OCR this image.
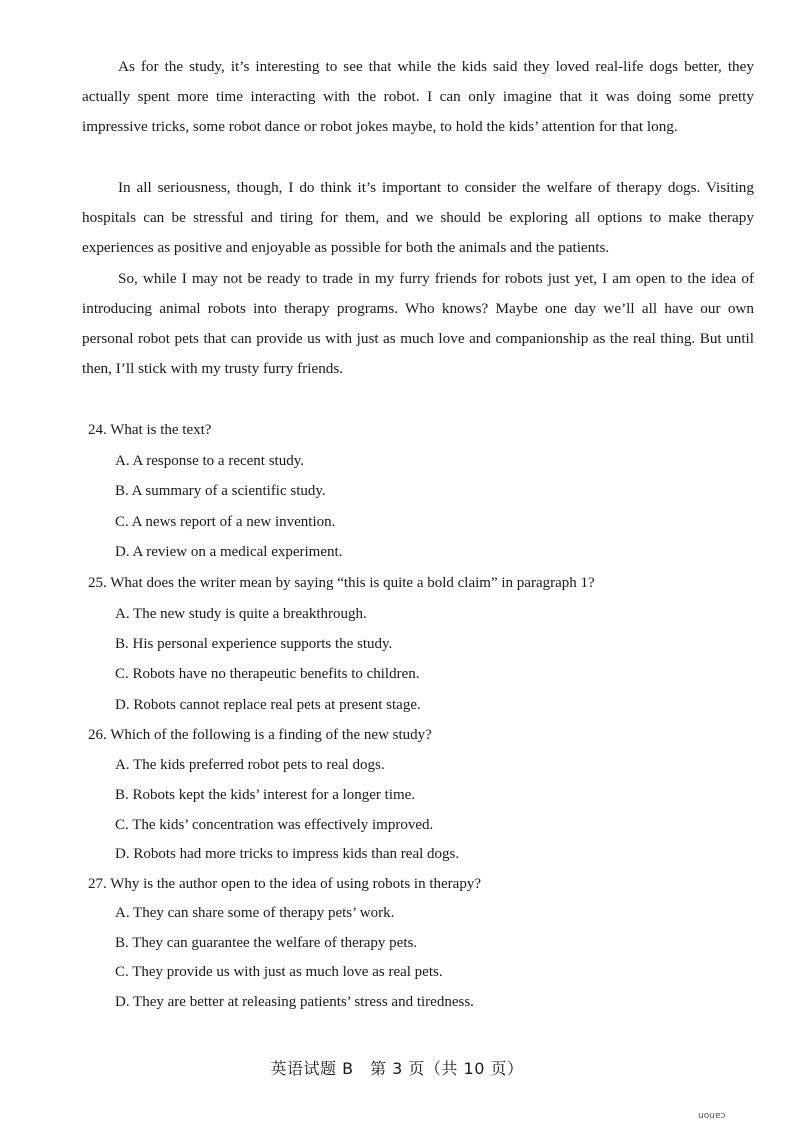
As for the study, it’s interesting to see that while the kids said they loved real-life dogs better, they actually spent more time interacting with the robot. I can only imagine that it was doing some pretty impressive tricks, some robot dance or robot jokes maybe, to hold the kids’ attention for that long.

In all seriousness, though, I do think it’s important to consider the welfare of therapy dogs. Visiting hospitals can be stressful and tiring for them, and we should be exploring all options to make therapy experiences as positive and enjoyable as possible for both the animals and the patients.

So, while I may not be ready to trade in my furry friends for robots just yet, I am open to the idea of introducing animal robots into therapy programs. Who knows? Maybe one day we’ll all have our own personal robot pets that can provide us with just as much love and companionship as the real thing. But until then, I’ll stick with my trusty furry friends.

24. What is the text?
A. A response to a recent study.
B. A summary of a scientific study.
C. A news report of a new invention.
D. A review on a medical experiment.
25. What does the writer mean by saying “this is quite a bold claim” in paragraph 1?
A. The new study is quite a breakthrough.
B. His personal experience supports the study.
C. Robots have no therapeutic benefits to children.
D. Robots cannot replace real pets at present stage.
26. Which of the following is a finding of the new study?
A. The kids preferred robot pets to real dogs.
B. Robots kept the kids’ interest for a longer time.
C. The kids’ concentration was effectively improved.
D. Robots had more tricks to impress kids than real dogs.
27. Why is the author open to the idea of using robots in therapy?
A. They can share some of therapy pets’ work.
B. They can guarantee the welfare of therapy pets.
C. They provide us with just as much love as real pets.
D. They are better at releasing patients’ stress and tiredness.
英语试题 B　第 3 页（共 10 页）
canon
